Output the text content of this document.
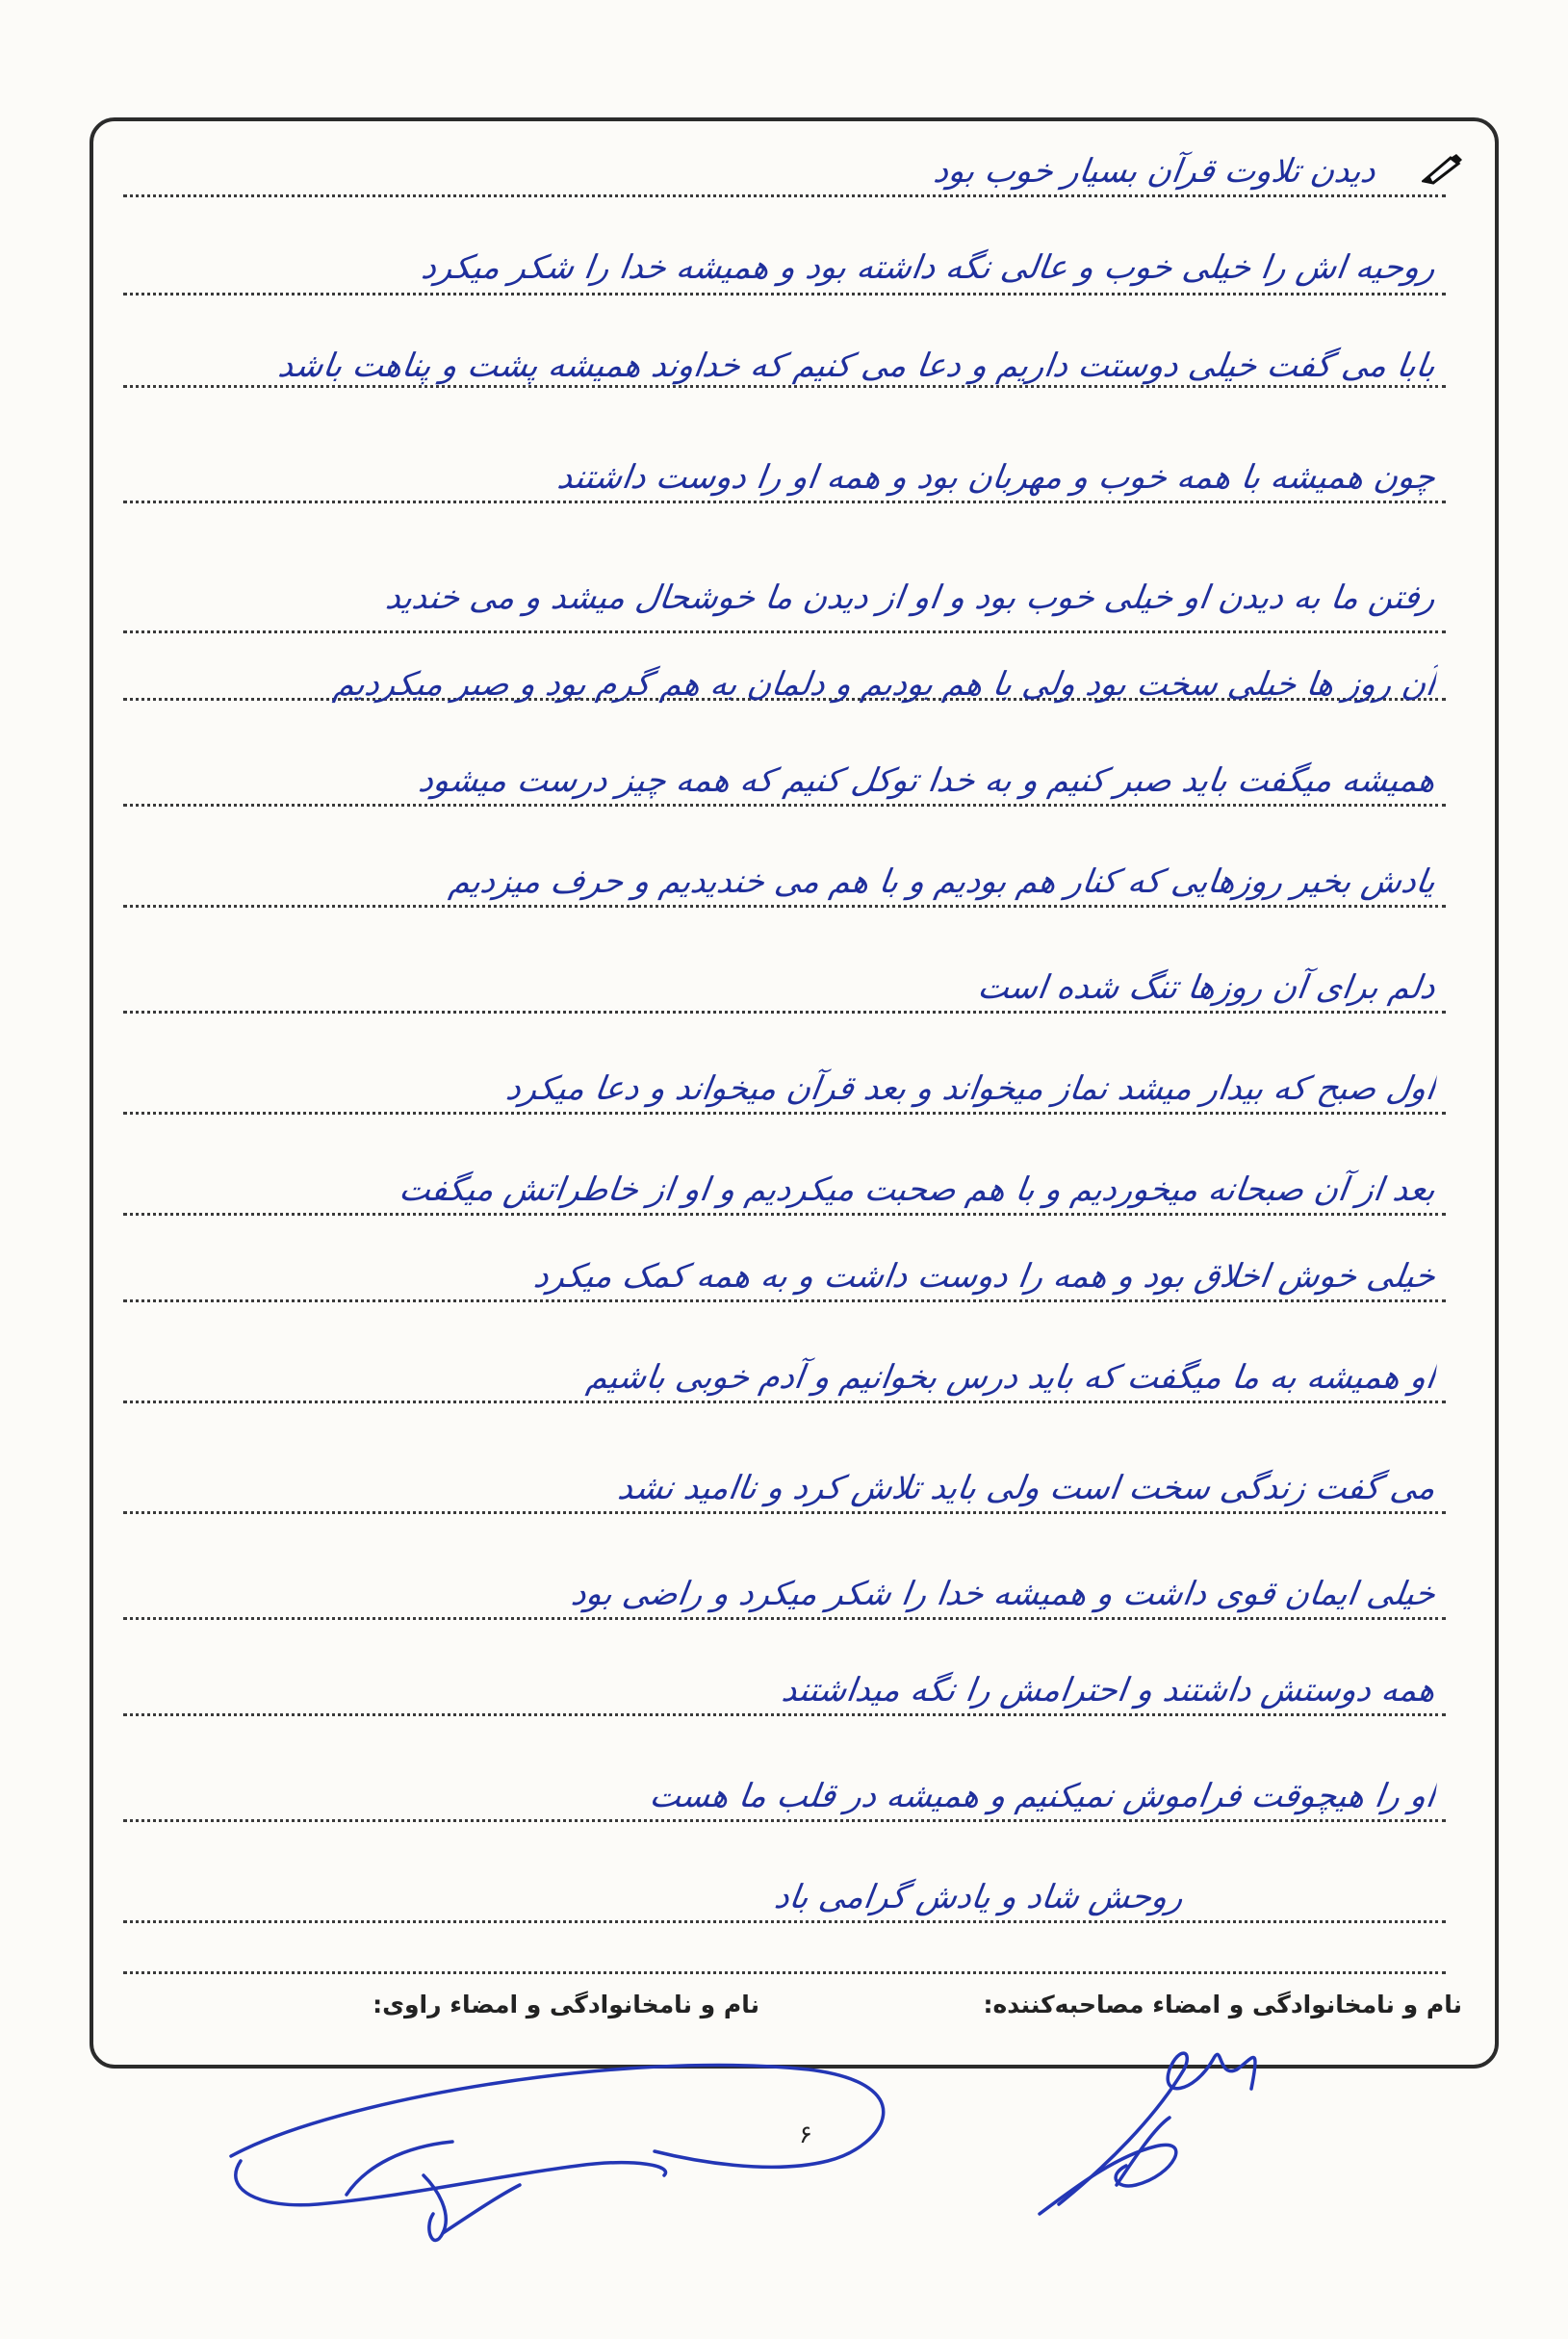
دیدن تلاوت قرآن بسیار خوب بود
روحیه اش را خیلی خوب و عالی نگه داشته بود و همیشه خدا را شکر میکرد
بابا می گفت خیلی دوستت داریم و دعا می کنیم که خداوند همیشه پشت و پناهت باشد
چون همیشه با همه خوب و مهربان بود و همه او را دوست داشتند
رفتن ما به دیدن او خیلی خوب بود و او از دیدن ما خوشحال میشد و می خندید
آن روز ها خیلی سخت بود ولی با هم بودیم و دلمان به هم گرم بود و صبر میکردیم
همیشه میگفت باید صبر کنیم و به خدا توکل کنیم که همه چیز درست میشود
یادش بخیر روزهایی که کنار هم بودیم و با هم می خندیدیم و حرف میزدیم
دلم برای آن روزها تنگ شده است
اول صبح که بیدار میشد نماز میخواند و بعد قرآن میخواند و دعا میکرد
بعد از آن صبحانه میخوردیم و با هم صحبت میکردیم و او از خاطراتش میگفت
خیلی خوش اخلاق بود و همه را دوست داشت و به همه کمک میکرد
او همیشه به ما میگفت که باید درس بخوانیم و آدم خوبی باشیم
می گفت زندگی سخت است ولی باید تلاش کرد و ناامید نشد
خیلی ایمان قوی داشت و همیشه خدا را شکر میکرد و راضی بود
همه دوستش داشتند و احترامش را نگه میداشتند
او را هیچوقت فراموش نمیکنیم و همیشه در قلب ما هست
روحش شاد و یادش گرامی باد
نام و نامخانوادگی و امضاء مصاحبه‌کننده:
نام و نامخانوادگی و امضاء راوی:
۶
